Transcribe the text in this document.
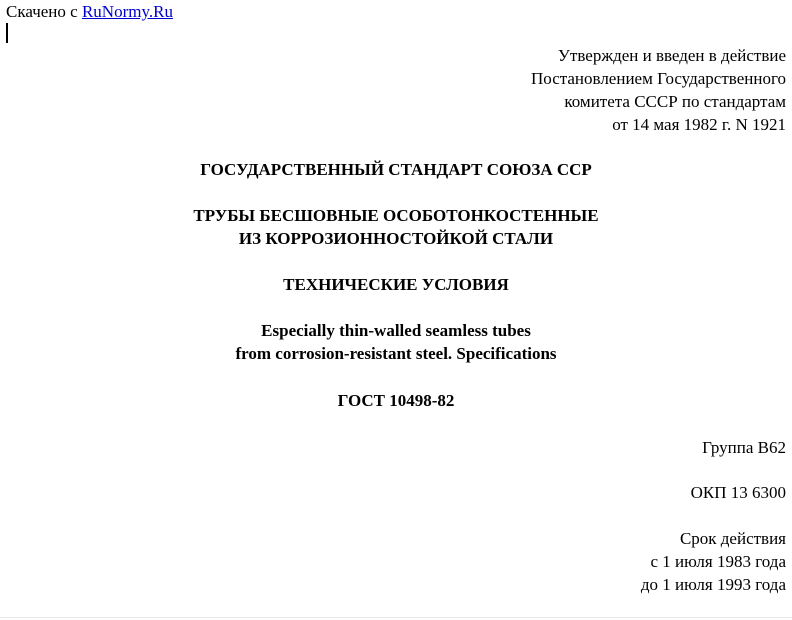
Скачено с RuNormy.Ru
Утвержден и введен в действие
Постановлением Государственного
комитета СССР по стандартам
от 14 мая 1982 г. N 1921
ГОСУДАРСТВЕННЫЙ СТАНДАРТ СОЮЗА ССР
ТРУБЫ БЕСШОВНЫЕ ОСОБОТОНКОСТЕННЫЕ
ИЗ КОРРОЗИОННОСТОЙКОЙ СТАЛИ
ТЕХНИЧЕСКИЕ УСЛОВИЯ
Especially thin-walled seamless tubes
from corrosion-resistant steel. Specifications
ГОСТ 10498-82
Группа В62
ОКП 13 6300
Срок действия
с 1 июля 1983 года
до 1 июля 1993 года
